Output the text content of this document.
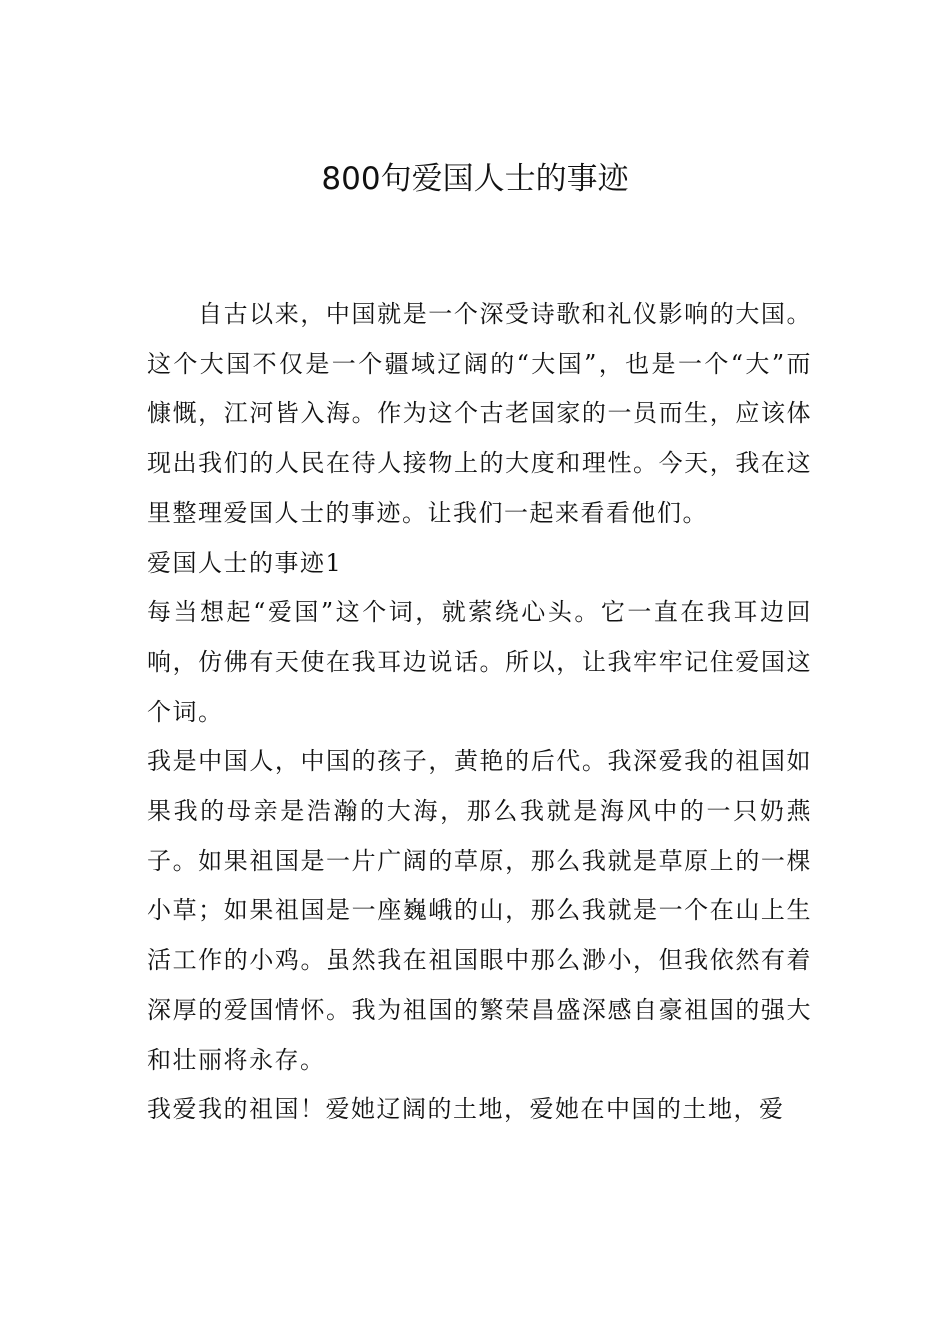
800句爱国人士的事迹

自古以来，中国就是一个深受诗歌和礼仪影响的大国。这个大国不仅是一个疆域辽阔的“大国”，也是一个“大”而慷慨，江河皆入海。作为这个古老国家的一员而生，应该体现出我们的人民在待人接物上的大度和理性。今天，我在这里整理爱国人士的事迹。让我们一起来看看他们。

爱国人士的事迹1

每当想起“爱国”这个词，就萦绕心头。它一直在我耳边回响，仿佛有天使在我耳边说话。所以，让我牢牢记住爱国这个词。

我是中国人，中国的孩子，黄艳的后代。我深爱我的祖国如果我的母亲是浩瀚的大海，那么我就是海风中的一只奶燕子。如果祖国是一片广阔的草原，那么我就是草原上的一棵小草；如果祖国是一座巍峨的山，那么我就是一个在山上生活工作的小鸡。虽然我在祖国眼中那么渺小，但我依然有着深厚的爱国情怀。我为祖国的繁荣昌盛深感自豪祖国的强大和壮丽将永存。

我爱我的祖国！爱她辽阔的土地，爱她在中国的土地，爱
